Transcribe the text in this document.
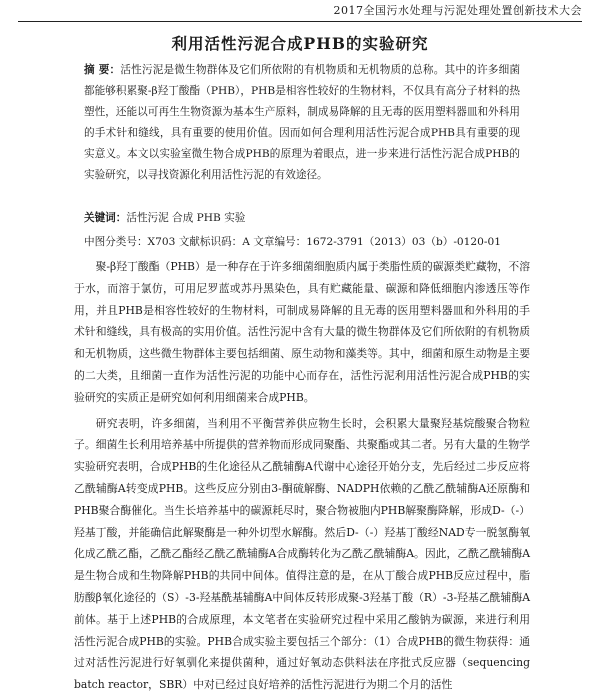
2017全国污水处理与污泥处理处置创新技术大会
利用活性污泥合成PHB的实验研究
摘 要：活性污泥是微生物群体及它们所依附的有机物质和无机物质的总称。其中的许多细菌都能够积累聚-β羟丁酸酯（PHB），PHB是相容性较好的生物材料，不仅具有高分子材料的热塑性，还能以可再生生物资源为基本生产原料，制成易降解的且无毒的医用塑料器皿和外科用的手术针和缝线，具有重要的使用价值。因而如何合理利用活性污泥合成PHB具有重要的现实意义。本文以实验室微生物合成PHB的原理为着眼点，进一步来进行活性污泥合成PHB的实验研究，以寻找资源化利用活性污泥的有效途径。
关键词：活性污泥 合成 PHB 实验
中图分类号：X703 文献标识码：A 文章编号：1672-3791（2013）03（b）-0120-01

聚-β羟丁酸酯（PHB）是一种存在于许多细菌细胞质内属于类脂性质的碳源类贮藏物，不溶于水，而溶于氯仿，可用尼罗蓝或苏丹黑染色，具有贮藏能量、碳源和降低细胞内渗透压等作用，并且PHB是相容性较好的生物材料，可制成易降解的且无毒的医用塑料器皿和外科用的手术针和缝线，具有极高的实用价值。活性污泥中含有大量的微生物群体及它们所依附的有机物质和无机物质，这些微生物群体主要包括细菌、原生动物和藻类等。其中，细菌和原生动物是主要的二大类，且细菌一直作为活性污泥的功能中心而存在，活性污泥利用活性污泥合成PHB的实验研究的实质正是研究如何利用细菌来合成PHB。

研究表明，许多细菌，当利用不平衡营养供应物生长时，会积累大量聚羟基烷酸聚合物粒子。细菌生长利用培养基中所提供的营养物而形成同聚酯、共聚酯或其二者。另有大量的生物学实验研究表明，合成PHB的生化途径从乙酰辅酶A代谢中心途径开始分支，先后经过二步反应将乙酰辅酶A转变成PHB。这些反应分别由3-酮硫解酶、NADPH依赖的乙酰乙酰辅酶A还原酶和PHB聚合酶催化。当生长培养基中的碳源耗尽时，聚合物被胞内PHB解聚酶降解，形成D-（-）羟基丁酸，并能确信此解聚酶是一种外切型水解酶。然后D-（-）羟基丁酸经NAD专一脱氢酶氧化成乙酰乙酯，乙酰乙酯经乙酰乙酰辅酶A合成酶转化为乙酰乙酰辅酶A。因此，乙酰乙酰辅酶A是生物合成和生物降解PHB的共同中间体。值得注意的是，在从丁酸合成PHB反应过程中，脂肪酸β氧化途径的（S）-3-羟基酰基辅酶A中间体反转形成聚-3羟基丁酸（R）-3-羟基乙酰辅酶A前体。基于上述PHB的合成原理，本文笔者在实验研究过程中采用乙酸钠为碳源，来进行利用活性污泥合成PHB的实验。PHB合成实验主要包括三个部分：（1）合成PHB的微生物获得：通过对活性污泥进行好氧驯化来提供菌种，通过好氧动态供料法在序批式反应器（sequencing batch reactor，SBR）中对已经过良好培养的活性污泥进行为期二个月的活性
